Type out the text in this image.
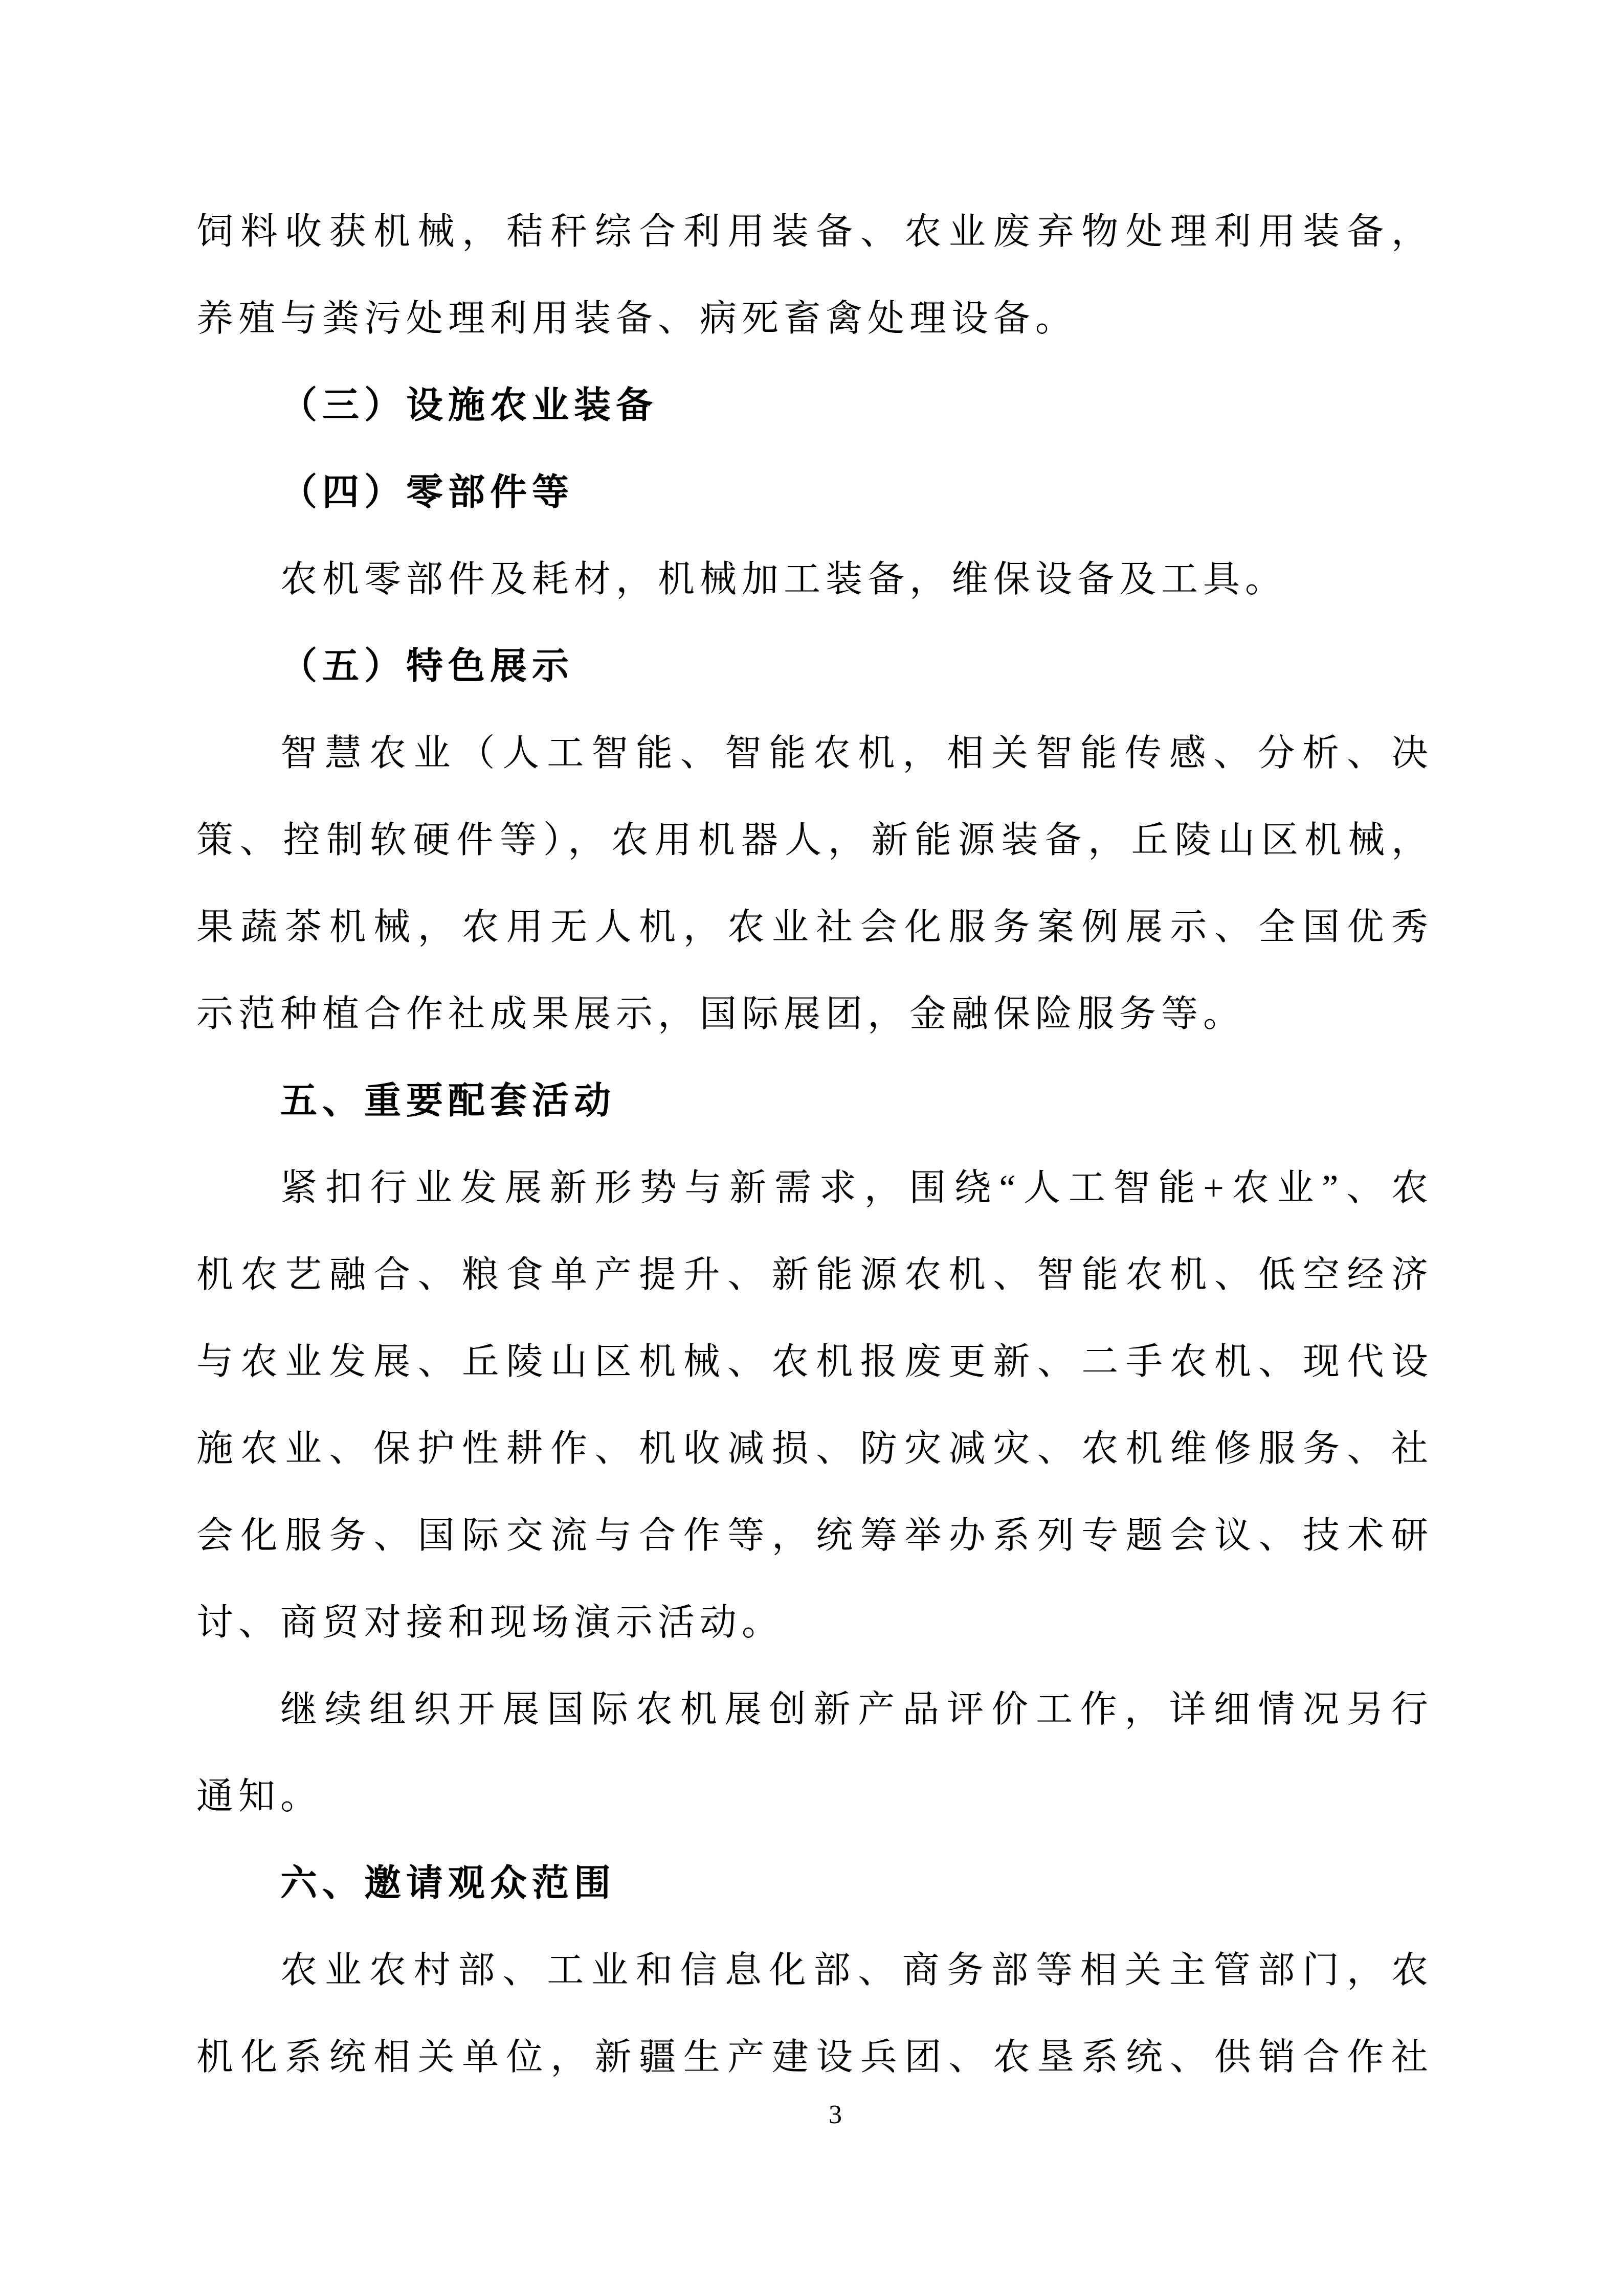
饲料收获机械，秸秆综合利用装备、农业废弃物处理利用装备，
养殖与粪污处理利用装备、病死畜禽处理设备。
（三）设施农业装备
（四）零部件等
农机零部件及耗材，机械加工装备，维保设备及工具。
（五）特色展示
智慧农业（人工智能、智能农机，相关智能传感、分析、决
策、控制软硬件等），农用机器人，新能源装备，丘陵山区机械，
果蔬茶机械，农用无人机，农业社会化服务案例展示、全国优秀
示范种植合作社成果展示，国际展团，金融保险服务等。
五、重要配套活动
紧扣行业发展新形势与新需求，围绕“人工智能+农业”、农
机农艺融合、粮食单产提升、新能源农机、智能农机、低空经济
与农业发展、丘陵山区机械、农机报废更新、二手农机、现代设
施农业、保护性耕作、机收减损、防灾减灾、农机维修服务、社
会化服务、国际交流与合作等，统筹举办系列专题会议、技术研
讨、商贸对接和现场演示活动。
继续组织开展国际农机展创新产品评价工作，详细情况另行
通知。
六、邀请观众范围
农业农村部、工业和信息化部、商务部等相关主管部门，农
机化系统相关单位，新疆生产建设兵团、农垦系统、供销合作社
3
